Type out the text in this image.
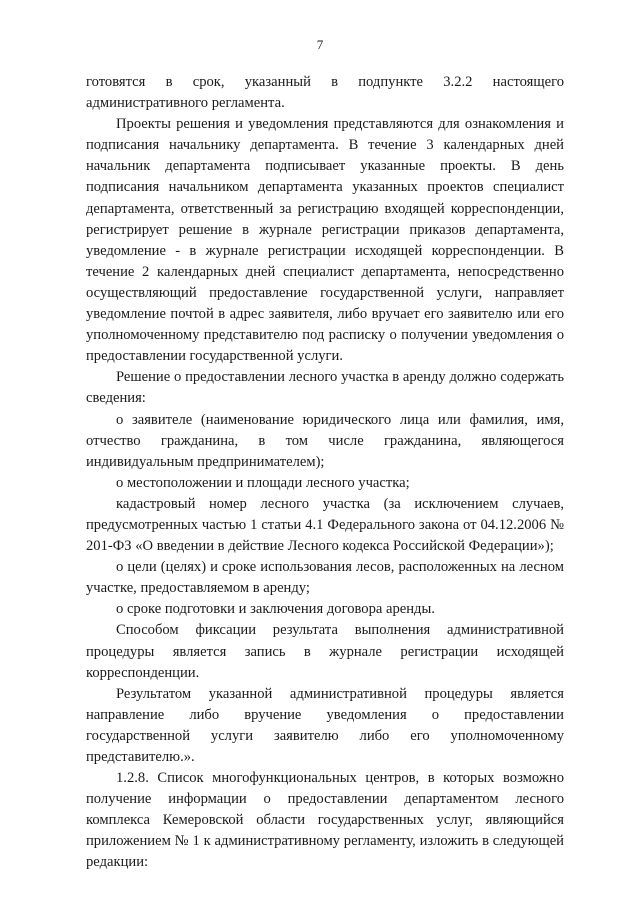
7

готовятся в срок, указанный в подпункте 3.2.2 настоящего административного регламента.

Проекты решения и уведомления представляются для ознакомления и подписания начальнику департамента. В течение 3 календарных дней начальник департамента подписывает указанные проекты. В день подписания начальником департамента указанных проектов специалист департамента, ответственный за регистрацию входящей корреспонденции, регистрирует решение в журнале регистрации приказов департамента, уведомление - в журнале регистрации исходящей корреспонденции. В течение 2 календарных дней специалист департамента, непосредственно осуществляющий предоставление государственной услуги, направляет уведомление почтой в адрес заявителя, либо вручает его заявителю или его уполномоченному представителю под расписку о получении уведомления о предоставлении государственной услуги.

Решение о предоставлении лесного участка в аренду должно содержать сведения:

о заявителе (наименование юридического лица или фамилия, имя, отчество гражданина, в том числе гражданина, являющегося индивидуальным предпринимателем);

о местоположении и площади лесного участка;

кадастровый номер лесного участка (за исключением случаев, предусмотренных частью 1 статьи 4.1 Федерального закона от 04.12.2006 № 201-ФЗ «О введении в действие Лесного кодекса Российской Федерации»);

о цели (целях) и сроке использования лесов, расположенных на лесном участке, предоставляемом в аренду;

о сроке подготовки и заключения договора аренды.

Способом фиксации результата выполнения административной процедуры является запись в журнале регистрации исходящей корреспонденции.

Результатом указанной административной процедуры является направление либо вручение уведомления о предоставлении государственной услуги заявителю либо его уполномоченному представителю.».

1.2.8. Список многофункциональных центров, в которых возможно получение информации о предоставлении департаментом лесного комплекса Кемеровской области государственных услуг, являющийся приложением № 1 к административному регламенту, изложить в следующей редакции:
